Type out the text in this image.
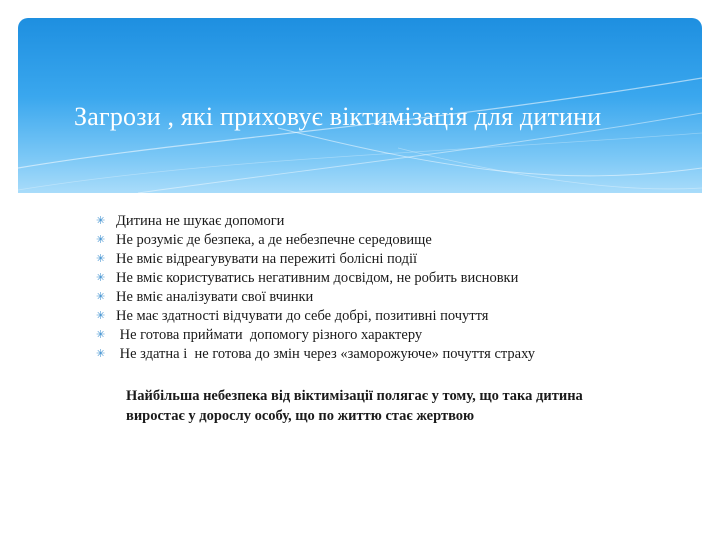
Загрози , які приховує віктимізація для дитини
✳ Дитина не шукає допомоги
✳ Не розуміє де безпека, а де небезпечне середовище
✳ Не вміє відреагувувати на пережиті болісні події
✳ Не вміє користуватись негативним досвідом, не робить висновки
✳ Не вміє аналізувати свої вчинки
✳ Не має здатності відчувати до себе добрі, позитивні почуття
✳ Не готова приймати  допомогу різного характеру
✳ Не здатна і  не готова до змін через «заморожуюче» почуття страху
Найбільша небезпека від віктимізації полягає у тому, що така дитина
виростає у дорослу особу, що по життю стає жертвою
